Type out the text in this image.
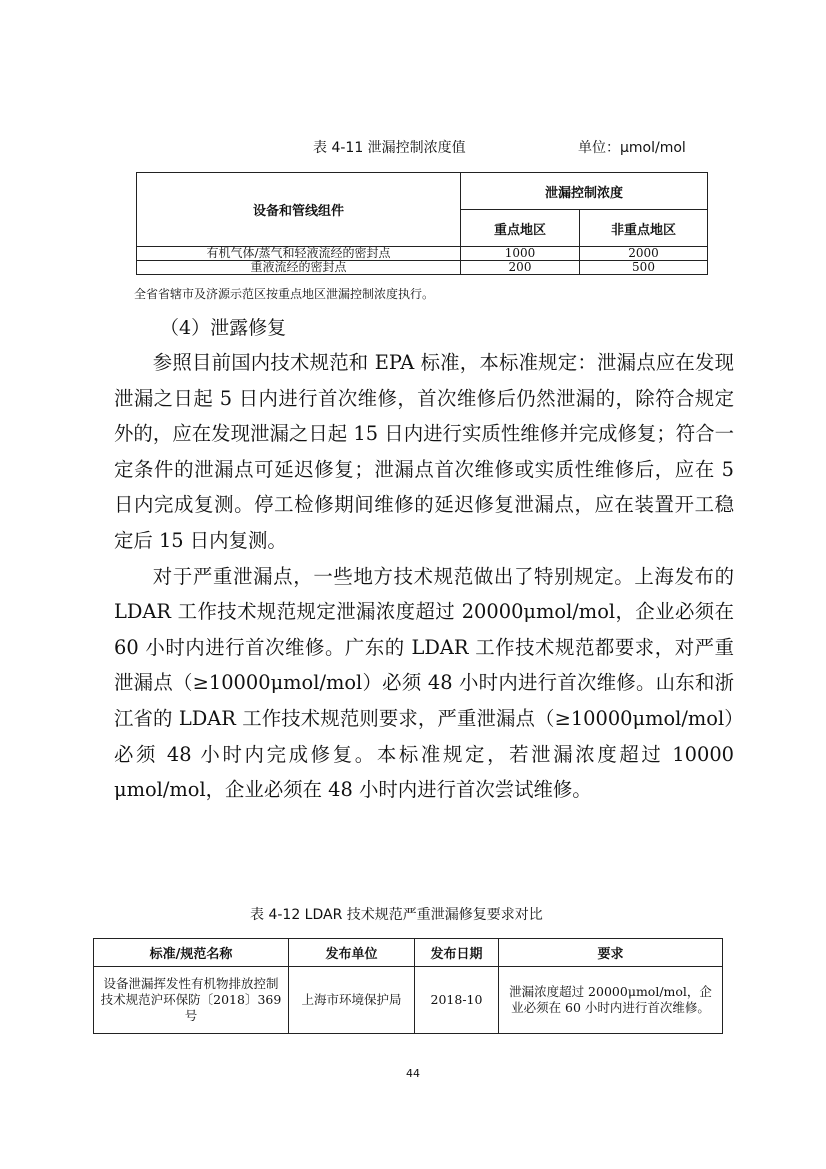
表 4-11 泄漏控制浓度值	单位：μmol/mol
设备和管线组件	泄漏控制浓度	
	重点地区	非重点地区
有机气体/蒸气和轻液流经的密封点	1000	2000
重液流经的密封点	200	500
全省省辖市及济源示范区按重点地区泄漏控制浓度执行。
（4）泄露修复

参照目前国内技术规范和 EPA 标准，本标准规定：泄漏点应在发现泄漏之日起 5 日内进行首次维修，首次维修后仍然泄漏的，除符合规定外的，应在发现泄漏之日起 15 日内进行实质性维修并完成修复；符合一定条件的泄漏点可延迟修复；泄漏点首次维修或实质性维修后，应在 5 日内完成复测。停工检修期间维修的延迟修复泄漏点，应在装置开工稳定后 15 日内复测。

对于严重泄漏点，一些地方技术规范做出了特别规定。上海发布的 LDAR 工作技术规范规定泄漏浓度超过 20000μmol/mol，企业必须在 60 小时内进行首次维修。广东的 LDAR 工作技术规范都要求，对严重泄漏点（≥10000μmol/mol）必须 48 小时内进行首次维修。山东和浙江省的 LDAR 工作技术规范则要求，严重泄漏点（≥10000μmol/mol）必须 48 小时内完成修复。本标准规定，若泄漏浓度超过 10000 μmol/mol，企业必须在 48 小时内进行首次尝试维修。

表 4-12 LDAR 技术规范严重泄漏修复要求对比
标准/规范名称	发布单位	发布日期	要求
设备泄漏挥发性有机物排放控制技术规范沪环保防〔2018〕369 号	上海市环境保护局	2018-10	泄漏浓度超过 20000μmol/mol，企业必须在 60 小时内进行首次维修。
44
